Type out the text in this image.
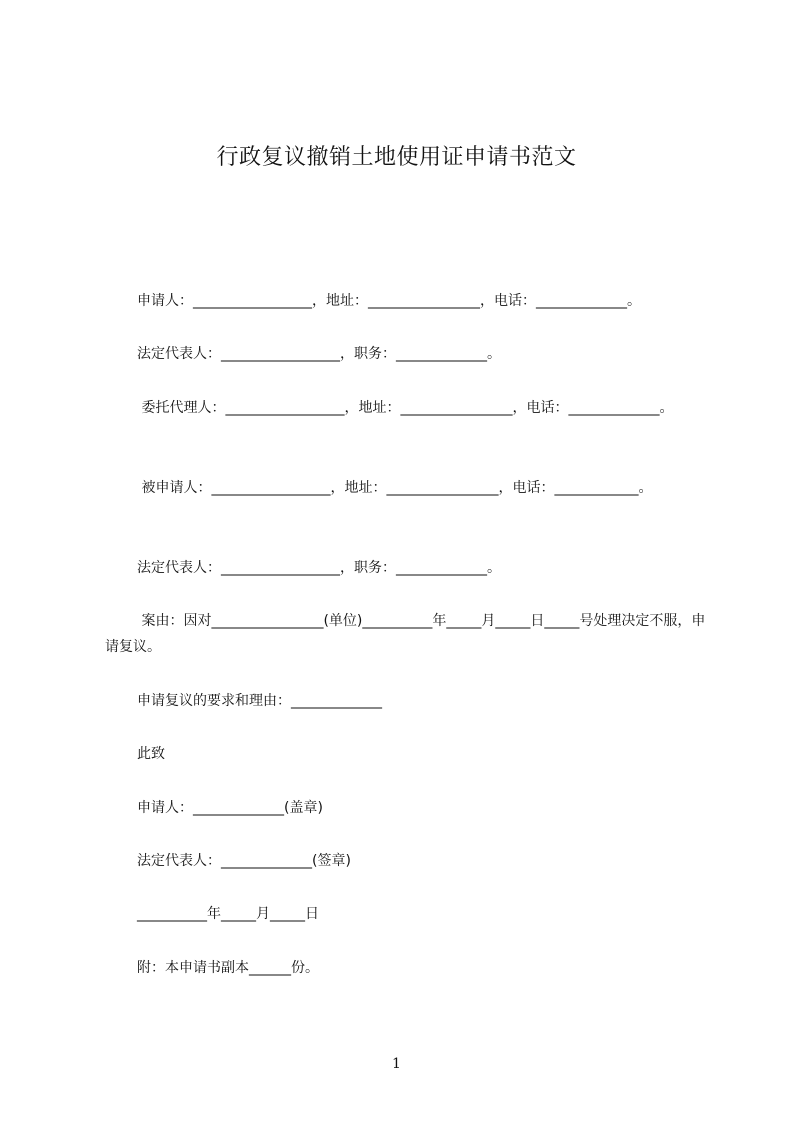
行政复议撤销土地使用证申请书范文
申请人：_________________，地址：________________，电话：_____________。
法定代表人：_________________，职务：_____________。
委托代理人：_________________，地址：________________，电话：_____________。
被申请人：_________________，地址：________________，电话：____________。
法定代表人：_________________，职务：_____________。
案由：因对________________(单位)__________年_____月_____日_____号处理决定不服，申请复议。
申请复议的要求和理由：_____________
此致
申请人：_____________(盖章)
法定代表人：_____________(签章)
__________年_____月_____日
附：本申请书副本______份。
1
